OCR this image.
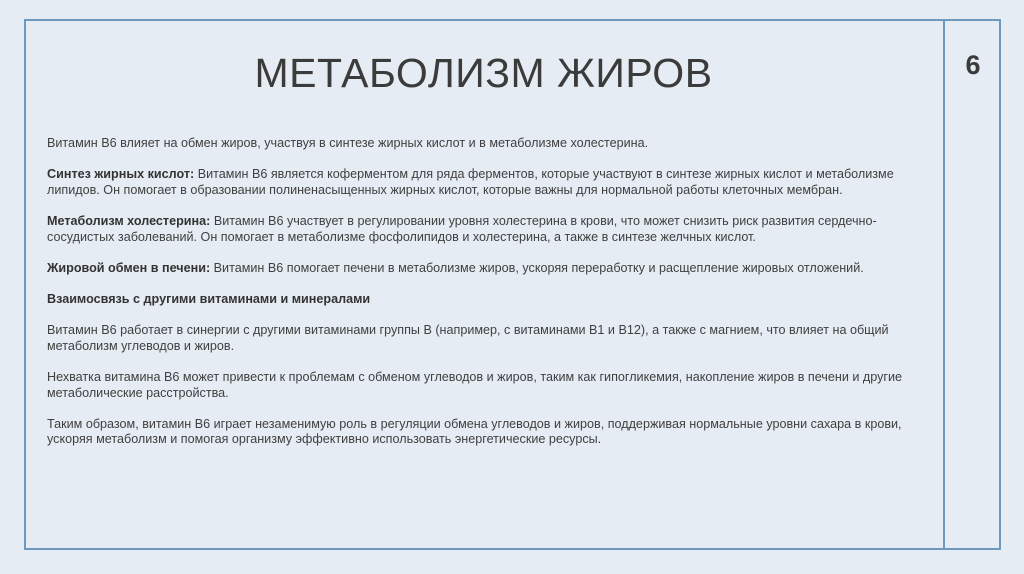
МЕТАБОЛИЗМ ЖИРОВ	6

Витамин В6 влияет на обмен жиров, участвуя в синтезе жирных кислот и в метаболизме холестерина.

Синтез жирных кислот: Витамин В6 является коферментом для ряда ферментов, которые участвуют в синтезе жирных кислот и метаболизме липидов. Он помогает в образовании полиненасыщенных жирных кислот, которые важны для нормальной работы клеточных мембран.

Метаболизм холестерина: Витамин В6 участвует в регулировании уровня холестерина в крови, что может снизить риск развития сердечно-сосудистых заболеваний. Он помогает в метаболизме фосфолипидов и холестерина, а также в синтезе желчных кислот.

Жировой обмен в печени: Витамин В6 помогает печени в метаболизме жиров, ускоряя переработку и расщепление жировых отложений.

Взаимосвязь с другими витаминами и минералами

Витамин В6 работает в синергии с другими витаминами группы В (например, с витаминами В1 и В12), а также с магнием, что влияет на общий метаболизм углеводов и жиров.

Нехватка витамина В6 может привести к проблемам с обменом углеводов и жиров, таким как гипогликемия, накопление жиров в печени и другие метаболические расстройства.

Таким образом, витамин В6 играет незаменимую роль в регуляции обмена углеводов и жиров, поддерживая нормальные уровни сахара в крови, ускоряя метаболизм и помогая организму эффективно использовать энергетические ресурсы.
